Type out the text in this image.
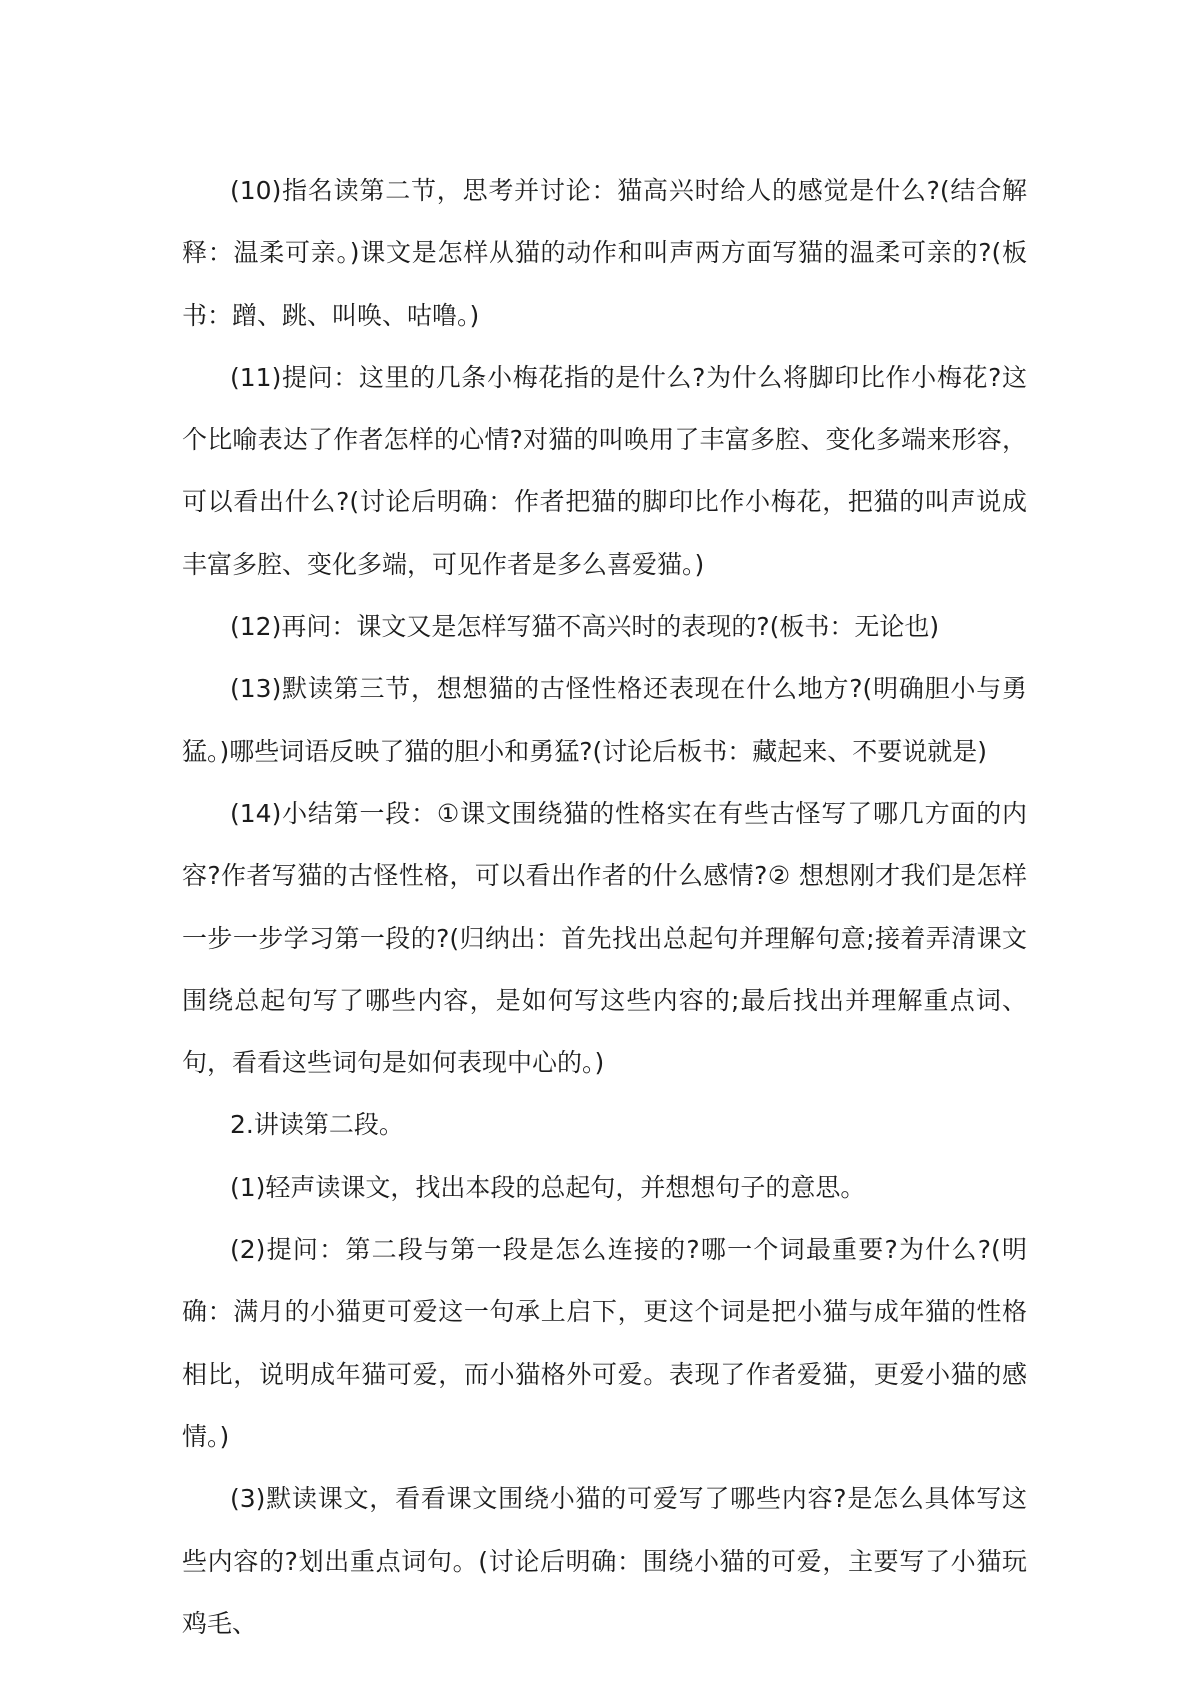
(10)指名读第二节，思考并讨论：猫高兴时给人的感觉是什么?(结合解释：温柔可亲。)课文是怎样从猫的动作和叫声两方面写猫的温柔可亲的?(板书：蹭、跳、叫唤、咕噜。)

(11)提问：这里的几条小梅花指的是什么?为什么将脚印比作小梅花?这个比喻表达了作者怎样的心情?对猫的叫唤用了丰富多腔、变化多端来形容，可以看出什么?(讨论后明确：作者把猫的脚印比作小梅花，把猫的叫声说成丰富多腔、变化多端，可见作者是多么喜爱猫。)

(12)再问：课文又是怎样写猫不高兴时的表现的?(板书：无论也)

(13)默读第三节，想想猫的古怪性格还表现在什么地方?(明确胆小与勇猛。)哪些词语反映了猫的胆小和勇猛?(讨论后板书：藏起来、不要说就是)

(14)小结第一段：①课文围绕猫的性格实在有些古怪写了哪几方面的内容?作者写猫的古怪性格，可以看出作者的什么感情?② 想想刚才我们是怎样一步一步学习第一段的?(归纳出：首先找出总起句并理解句意;接着弄清课文围绕总起句写了哪些内容，是如何写这些内容的;最后找出并理解重点词、句，看看这些词句是如何表现中心的。)

2.讲读第二段。

(1)轻声读课文，找出本段的总起句，并想想句子的意思。

(2)提问：第二段与第一段是怎么连接的?哪一个词最重要?为什么?(明确：满月的小猫更可爱这一句承上启下，更这个词是把小猫与成年猫的性格相比，说明成年猫可爱，而小猫格外可爱。表现了作者爱猫，更爱小猫的感情。)

(3)默读课文，看看课文围绕小猫的可爱写了哪些内容?是怎么具体写这些内容的?划出重点词句。(讨论后明确：围绕小猫的可爱，主要写了小猫玩鸡毛、
